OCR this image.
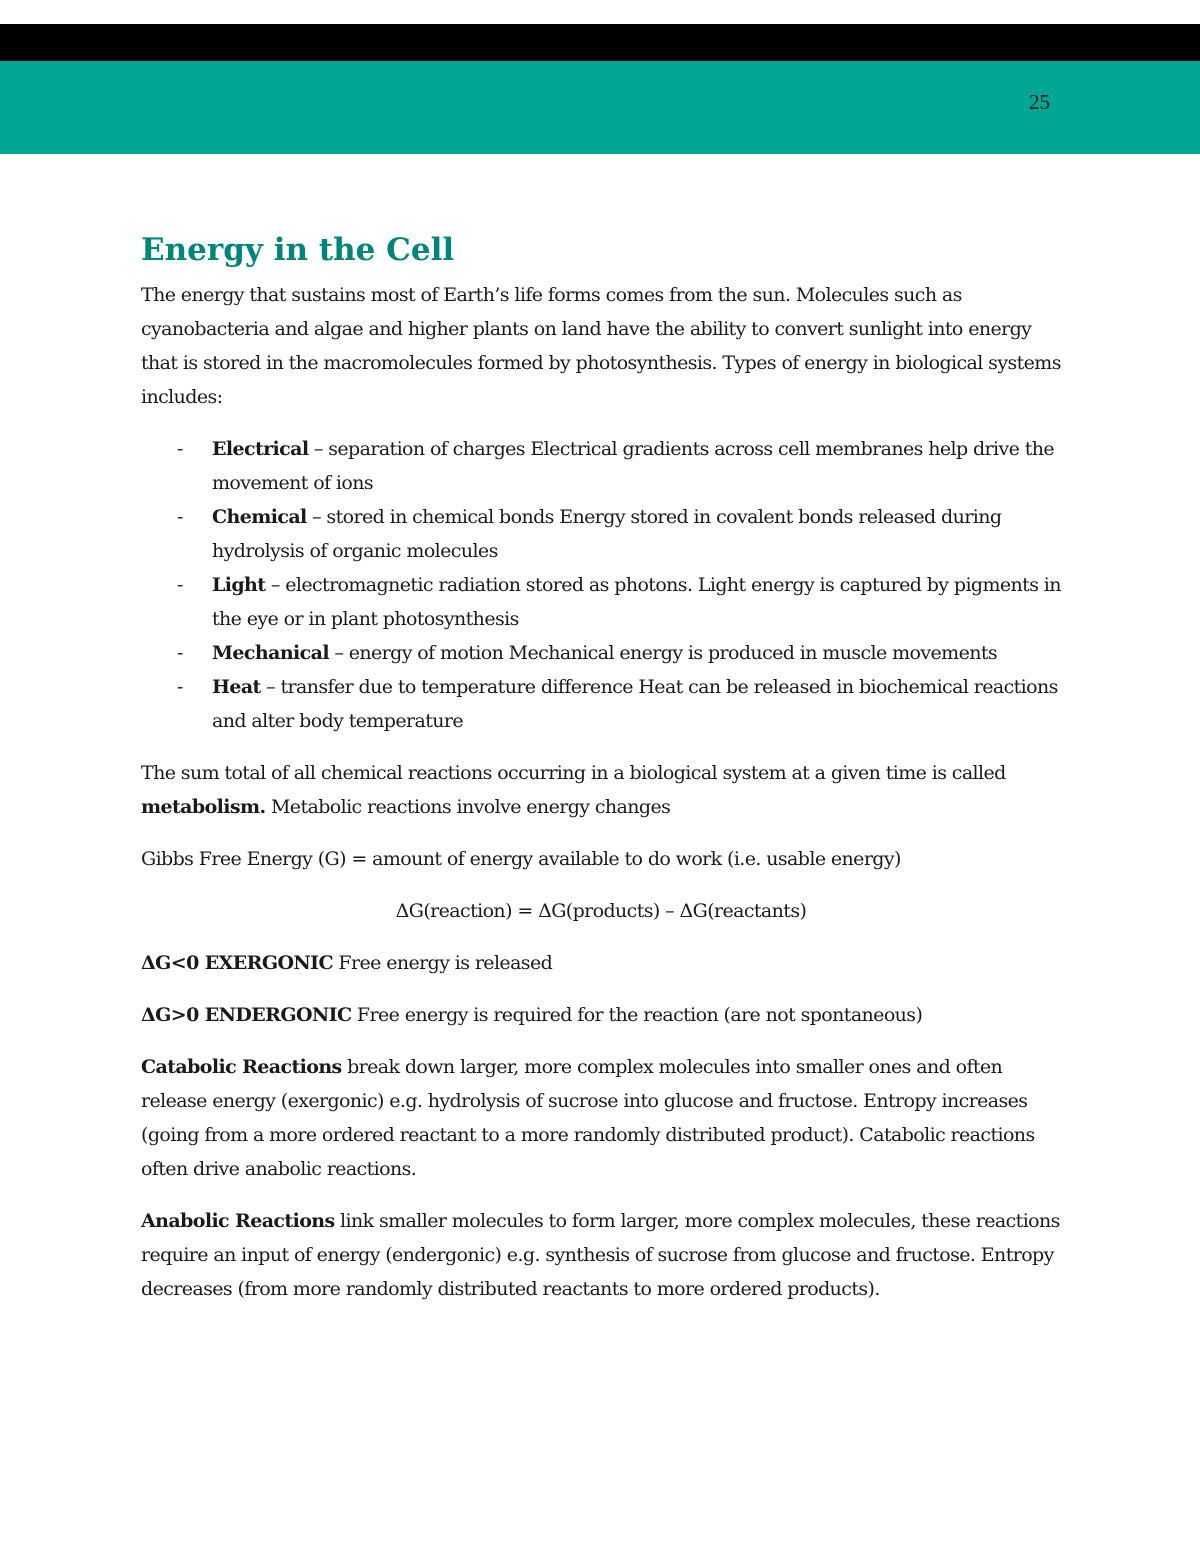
25
Energy in the Cell

The energy that sustains most of Earth’s life forms comes from the sun. Molecules such as cyanobacteria and algae and higher plants on land have the ability to convert sunlight into energy that is stored in the macromolecules formed by photosynthesis. Types of energy in biological systems includes:

- Electrical – separation of charges Electrical gradients across cell membranes help drive the movement of ions
- Chemical – stored in chemical bonds Energy stored in covalent bonds released during hydrolysis of organic molecules
- Light – electromagnetic radiation stored as photons. Light energy is captured by pigments in the eye or in plant photosynthesis
- Mechanical – energy of motion Mechanical energy is produced in muscle movements
- Heat – transfer due to temperature difference Heat can be released in biochemical reactions and alter body temperature

The sum total of all chemical reactions occurring in a biological system at a given time is called metabolism. Metabolic reactions involve energy changes

Gibbs Free Energy (G) = amount of energy available to do work (i.e. usable energy)

ΔG(reaction) = ΔG(products) – ΔG(reactants)

ΔG<0 EXERGONIC Free energy is released

ΔG>0 ENDERGONIC Free energy is required for the reaction (are not spontaneous)

Catabolic Reactions break down larger, more complex molecules into smaller ones and often release energy (exergonic) e.g. hydrolysis of sucrose into glucose and fructose. Entropy increases (going from a more ordered reactant to a more randomly distributed product). Catabolic reactions often drive anabolic reactions.

Anabolic Reactions link smaller molecules to form larger, more complex molecules, these reactions require an input of energy (endergonic) e.g. synthesis of sucrose from glucose and fructose. Entropy decreases (from more randomly distributed reactants to more ordered products).
